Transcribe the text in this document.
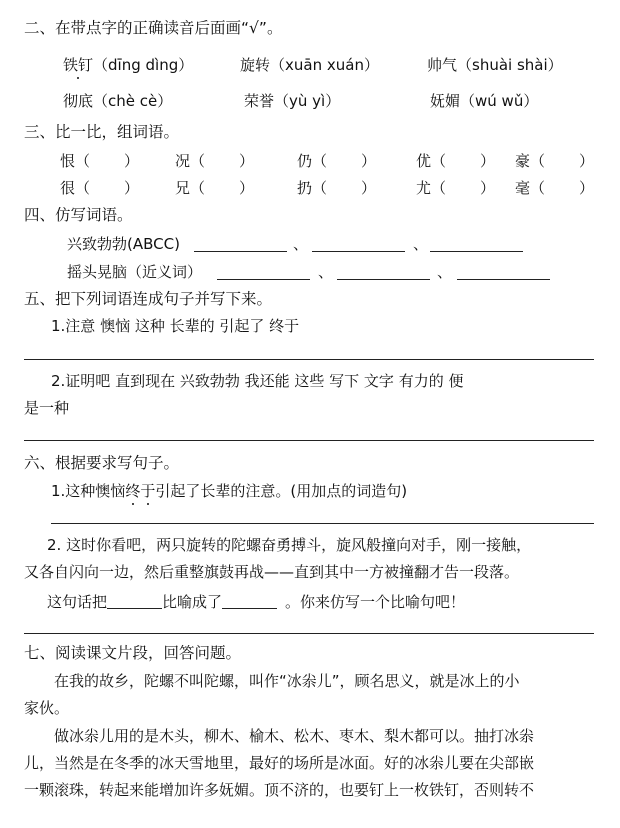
二、在带点字的正确读音后面画“√”。
铁钉（dīng dìng）	旋转（xuān xuán）	帅气（shuài shài）
彻底（chè cè）	荣誉（yù yì）	妩媚（wú wǔ）
三、比一比，组词语。
恨（ ） 况（ ）	仍（ ）	优（ ） 豪（ ）
很（ ） 兄（ ）	扔（ ）	尤（ ） 毫（ ）
四、仿写词语。
兴致勃勃(ABCC)	、	、
摇头晃脑（近义词）	、	、
五、把下列词语连成句子并写下来。
1.注意 懊恼 这种 长辈的 引起了 终于
2.证明吧 直到现在 兴致勃勃 我还能 这些 写下 文字 有力的 便
是一种
六、根据要求写句子。
1.这种懊恼终于引起了长辈的注意。(用加点的词造句)
2. 这时你看吧，两只旋转的陀螺奋勇搏斗，旋风般撞向对手，刚一接触，
又各自闪向一边，然后重整旗鼓再战——直到其中一方被撞翻才告一段落。
这句话把	比喻成了	。你来仿写一个比喻句吧！
七、阅读课文片段，回答问题。
在我的故乡，陀螺不叫陀螺，叫作“冰尜儿”，顾名思义，就是冰上的小
家伙。
做冰尜儿用的是木头，柳木、榆木、松木、枣木、梨木都可以。抽打冰尜
儿，当然是在冬季的冰天雪地里，最好的场所是冰面。好的冰尜儿要在尖部嵌
一颗滚珠，转起来能增加许多妩媚。顶不济的，也要钉上一枚铁钉，否则转不
